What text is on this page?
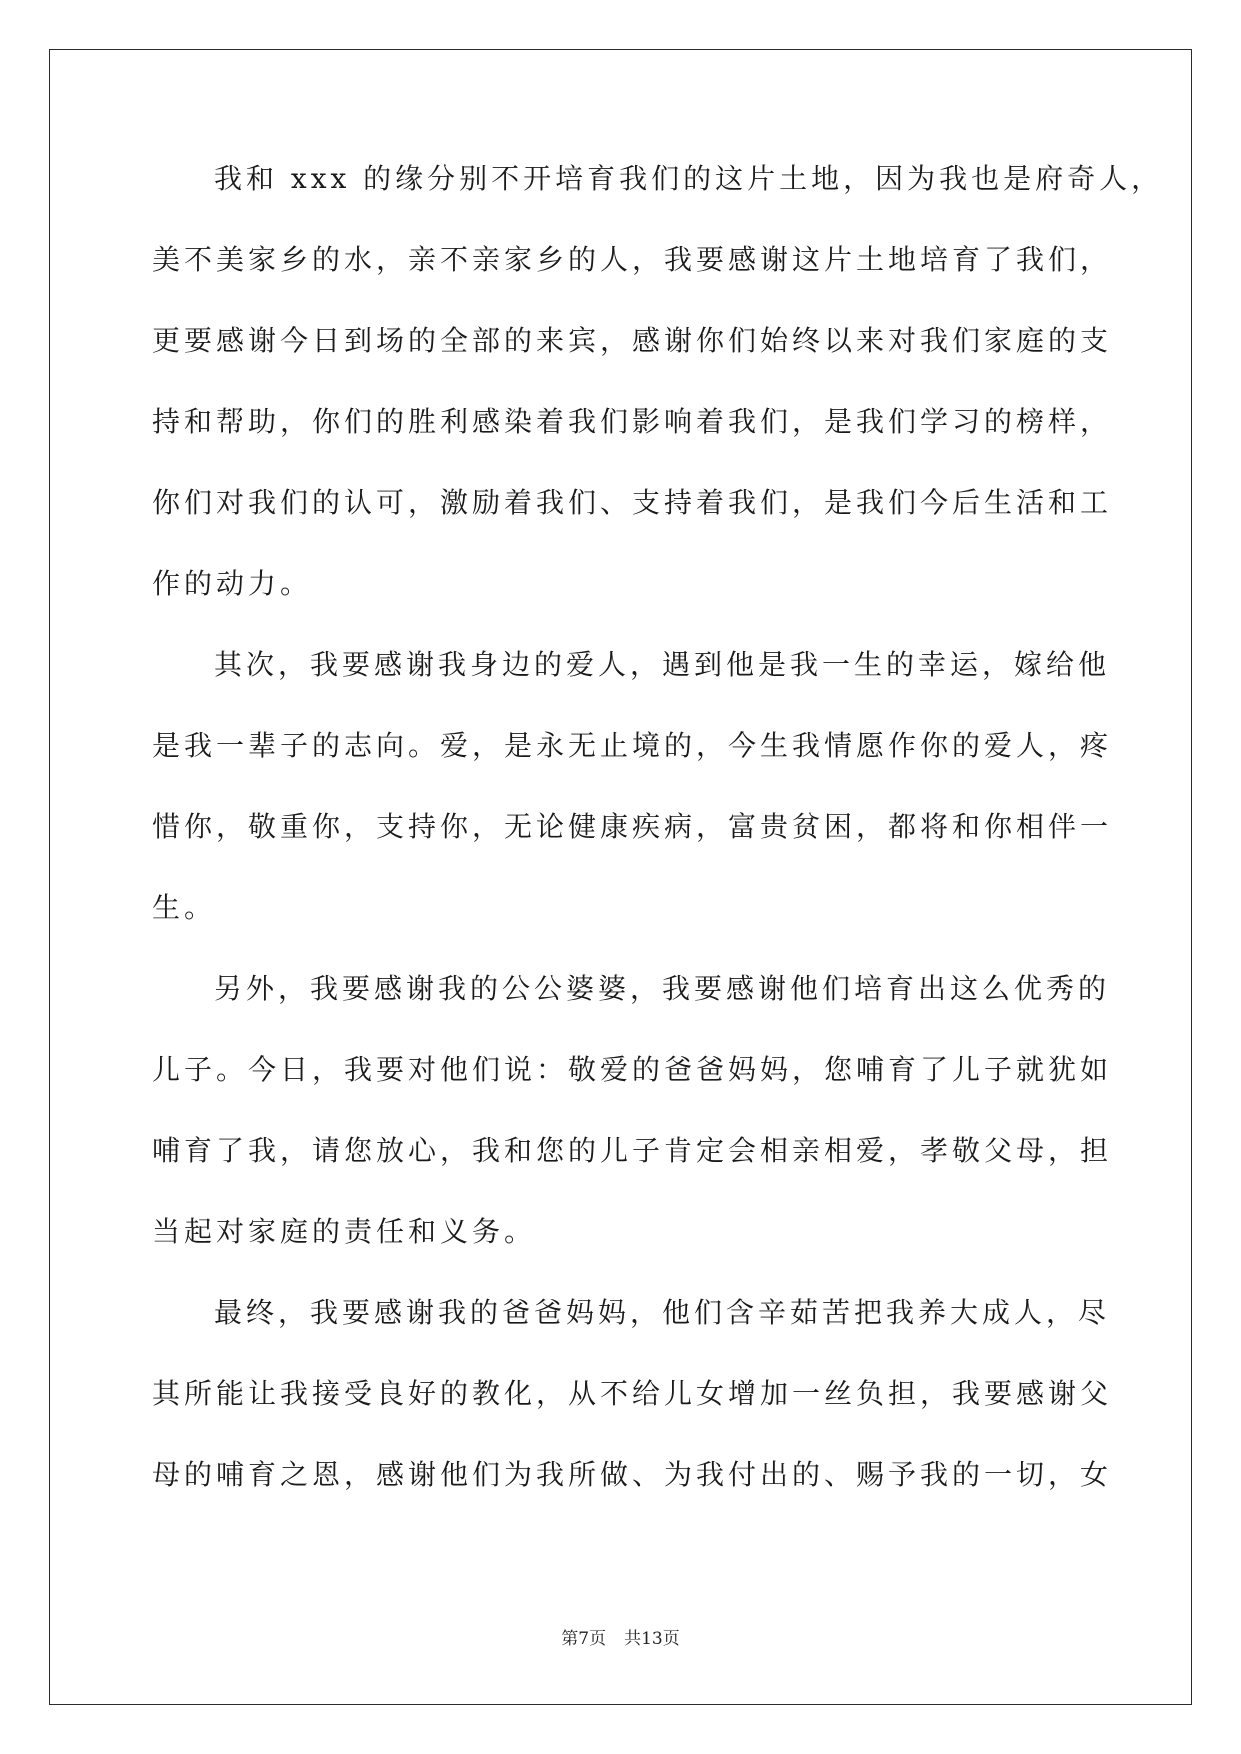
我和 xxx 的缘分别不开培育我们的这片土地，因为我也是府奇人，
美不美家乡的水，亲不亲家乡的人，我要感谢这片土地培育了我们，
更要感谢今日到场的全部的来宾，感谢你们始终以来对我们家庭的支
持和帮助，你们的胜利感染着我们影响着我们，是我们学习的榜样，
你们对我们的认可，激励着我们、支持着我们，是我们今后生活和工
作的动力。
其次，我要感谢我身边的爱人，遇到他是我一生的幸运，嫁给他
是我一辈子的志向。爱，是永无止境的，今生我情愿作你的爱人，疼
惜你，敬重你，支持你，无论健康疾病，富贵贫困，都将和你相伴一
生。
另外，我要感谢我的公公婆婆，我要感谢他们培育出这么优秀的
儿子。今日，我要对他们说：敬爱的爸爸妈妈，您哺育了儿子就犹如
哺育了我，请您放心，我和您的儿子肯定会相亲相爱，孝敬父母，担
当起对家庭的责任和义务。
最终，我要感谢我的爸爸妈妈，他们含辛茹苦把我养大成人，尽
其所能让我接受良好的教化，从不给儿女增加一丝负担，我要感谢父
母的哺育之恩，感谢他们为我所做、为我付出的、赐予我的一切，女
第7页 共13页
